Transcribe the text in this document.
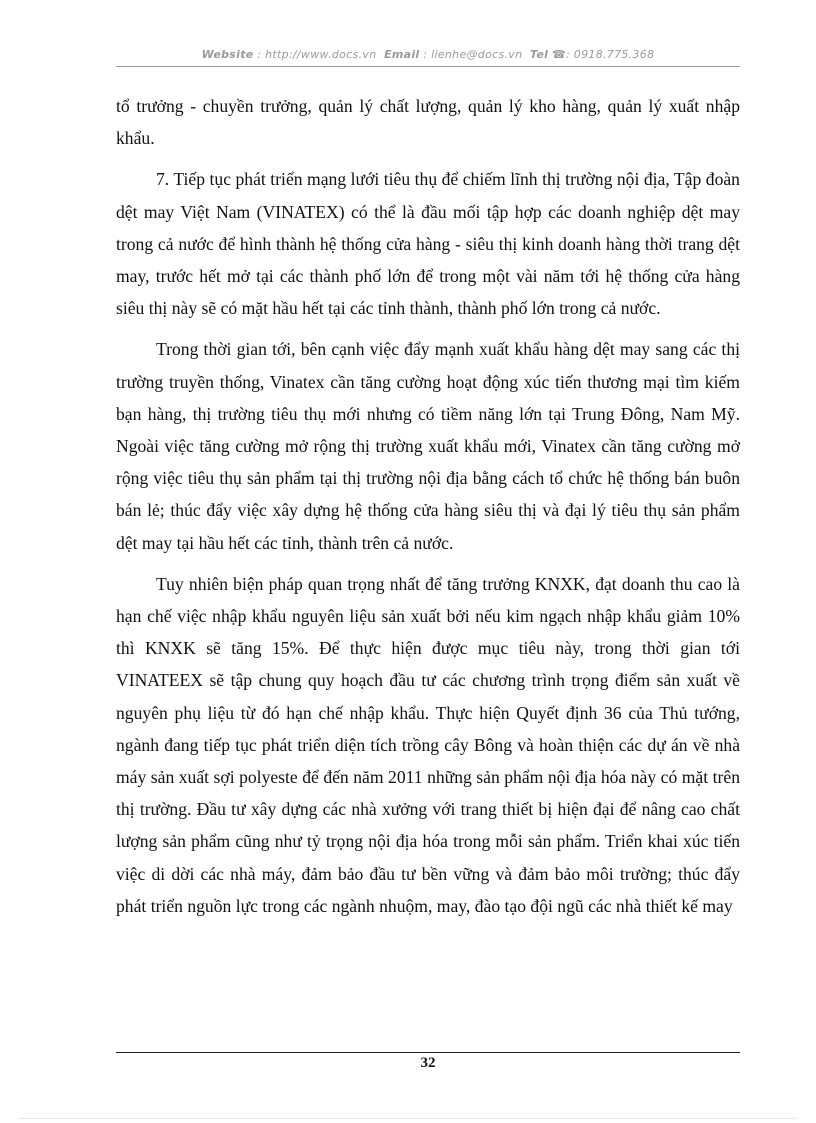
Website : http://www.docs.vn Email : lienhe@docs.vn Tel ☎: 0918.775.368

tổ trưởng - chuyền trưởng, quản lý chất lượng, quản lý kho hàng, quản lý xuất nhập khẩu.

7. Tiếp tục phát triển mạng lưới tiêu thụ để chiếm lĩnh thị trường nội địa, Tập đoàn dệt may Việt Nam (VINATEX) có thể là đầu mối tập hợp các doanh nghiệp dệt may trong cả nước để hình thành hệ thống cửa hàng - siêu thị kinh doanh hàng thời trang dệt may, trước hết mở tại các thành phố lớn để trong một vài năm tới hệ thống cửa hàng siêu thị này sẽ có mặt hầu hết tại các tỉnh thành, thành phố lớn trong cả nước.

Trong thời gian tới, bên cạnh việc đẩy mạnh xuất khẩu hàng dệt may sang các thị trường truyền thống, Vinatex cần tăng cường hoạt động xúc tiến thương mại tìm kiếm bạn hàng, thị trường tiêu thụ mới nhưng có tiềm năng lớn tại Trung Đông, Nam Mỹ. Ngoài việc tăng cường mở rộng thị trường xuất khẩu mới, Vinatex cần tăng cường mở rộng việc tiêu thụ sản phẩm tại thị trường nội địa bằng cách tổ chức hệ thống bán buôn bán lẻ; thúc đẩy việc xây dựng hệ thống cửa hàng siêu thị và đại lý tiêu thụ sản phẩm dệt may tại hầu hết các tỉnh, thành trên cả nước.

Tuy nhiên biện pháp quan trọng nhất để tăng trưởng KNXK, đạt doanh thu cao là hạn chế việc nhập khẩu nguyên liệu sản xuất bởi nếu kim ngạch nhập khẩu giảm 10% thì KNXK sẽ tăng 15%. Để thực hiện được mục tiêu này, trong thời gian tới VINATEEX sẽ tập chung quy hoạch đầu tư các chương trình trọng điểm sản xuất về nguyên phụ liệu từ đó hạn chế nhập khẩu. Thực hiện Quyết định 36 của Thủ tướng, ngành đang tiếp tục phát triển diện tích trồng cây Bông và hoàn thiện các dự án về nhà máy sản xuất sợi polyeste để đến năm 2011 những sản phẩm nội địa hóa này có mặt trên thị trường. Đầu tư xây dựng các nhà xưởng với trang thiết bị hiện đại để nâng cao chất lượng sản phẩm cũng như tỷ trọng nội địa hóa trong mỗi sản phẩm. Triển khai xúc tiến việc di dời các nhà máy, đảm bảo đầu tư bền vững và đảm bảo môi trường; thúc đẩy phát triển nguồn lực trong các ngành nhuộm, may, đào tạo đội ngũ các nhà thiết kế may

32
